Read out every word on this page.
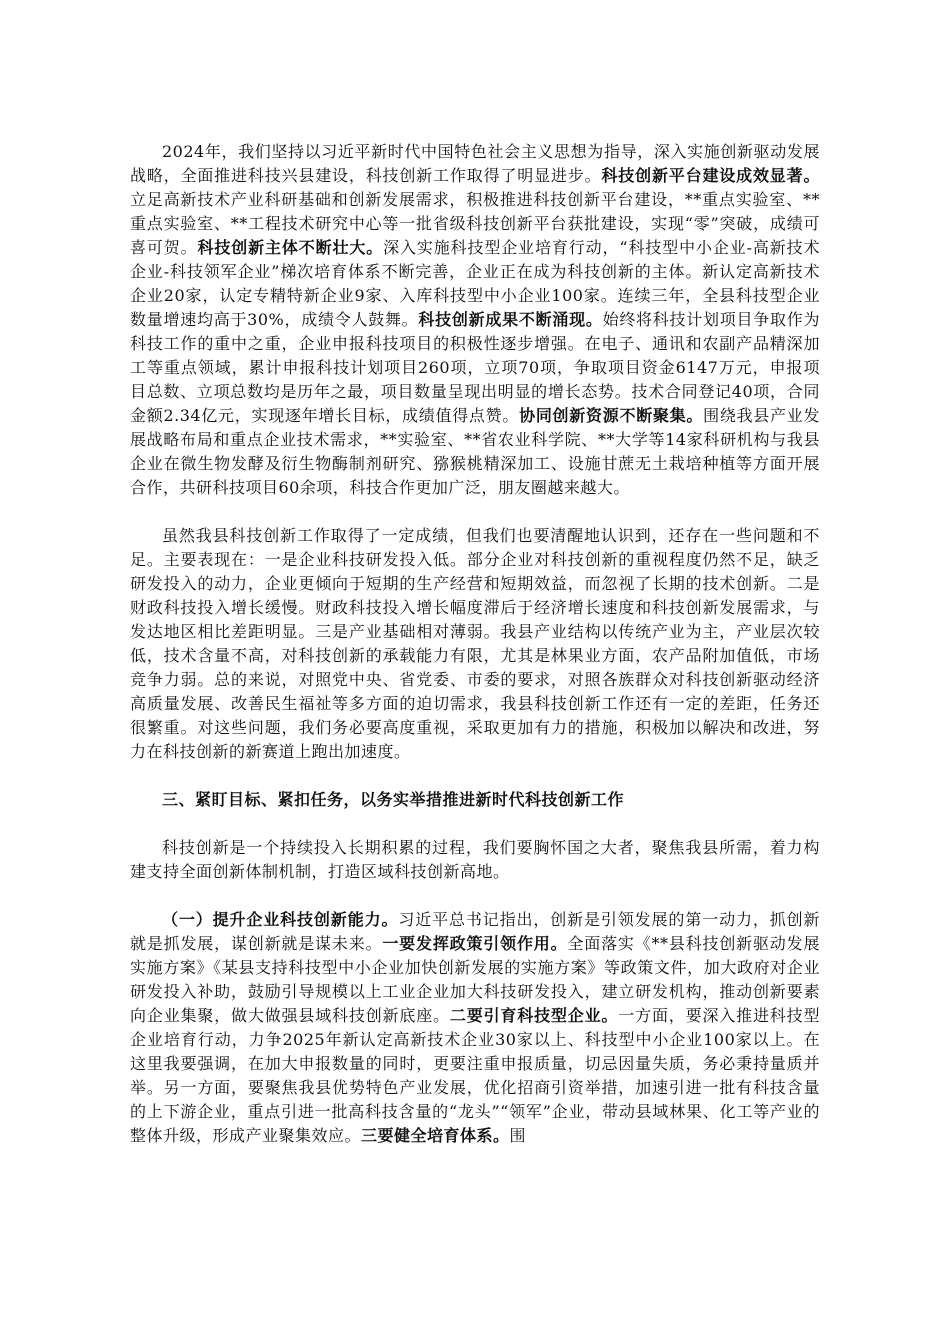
2024年，我们坚持以习近平新时代中国特色社会主义思想为指导，深入实施创新驱动发展战略，全面推进科技兴县建设，科技创新工作取得了明显进步。科技创新平台建设成效显著。立足高新技术产业科研基础和创新发展需求，积极推进科技创新平台建设，**重点实验室、**重点实验室、**工程技术研究中心等一批省级科技创新平台获批建设，实现“零”突破，成绩可喜可贺。科技创新主体不断壮大。深入实施科技型企业培育行动，“科技型中小企业-高新技术企业-科技领军企业”梯次培育体系不断完善，企业正在成为科技创新的主体。新认定高新技术企业20家，认定专精特新企业9家、入库科技型中小企业100家。连续三年，全县科技型企业数量增速均高于30%，成绩令人鼓舞。科技创新成果不断涌现。始终将科技计划项目争取作为科技工作的重中之重，企业申报科技项目的积极性逐步增强。在电子、通讯和农副产品精深加工等重点领域，累计申报科技计划项目260项，立项70项，争取项目资金6147万元，申报项目总数、立项总数均是历年之最，项目数量呈现出明显的增长态势。技术合同登记40项，合同金额2.34亿元，实现逐年增长目标，成绩值得点赞。协同创新资源不断聚集。围绕我县产业发展战略布局和重点企业技术需求，**实验室、**省农业科学院、**大学等14家科研机构与我县企业在微生物发酵及衍生物酶制剂研究、猕猴桃精深加工、设施甘蔗无土栽培种植等方面开展合作，共研科技项目60余项，科技合作更加广泛，朋友圈越来越大。

虽然我县科技创新工作取得了一定成绩，但我们也要清醒地认识到，还存在一些问题和不足。主要表现在：一是企业科技研发投入低。部分企业对科技创新的重视程度仍然不足，缺乏研发投入的动力，企业更倾向于短期的生产经营和短期效益，而忽视了长期的技术创新。二是财政科技投入增长缓慢。财政科技投入增长幅度滞后于经济增长速度和科技创新发展需求，与发达地区相比差距明显。三是产业基础相对薄弱。我县产业结构以传统产业为主，产业层次较低，技术含量不高，对科技创新的承载能力有限，尤其是林果业方面，农产品附加值低，市场竞争力弱。总的来说，对照党中央、省党委、市委的要求，对照各族群众对科技创新驱动经济高质量发展、改善民生福祉等多方面的迫切需求，我县科技创新工作还有一定的差距，任务还很繁重。对这些问题，我们务必要高度重视，采取更加有力的措施，积极加以解决和改进，努力在科技创新的新赛道上跑出加速度。

三、紧盯目标、紧扣任务，以务实举措推进新时代科技创新工作

科技创新是一个持续投入长期积累的过程，我们要胸怀国之大者，聚焦我县所需，着力构建支持全面创新体制机制，打造区域科技创新高地。

（一）提升企业科技创新能力。习近平总书记指出，创新是引领发展的第一动力，抓创新就是抓发展，谋创新就是谋未来。一要发挥政策引领作用。全面落实《**县科技创新驱动发展实施方案》《某县支持科技型中小企业加快创新发展的实施方案》等政策文件，加大政府对企业研发投入补助，鼓励引导规模以上工业企业加大科技研发投入，建立研发机构，推动创新要素向企业集聚，做大做强县域科技创新底座。二要引育科技型企业。一方面，要深入推进科技型企业培育行动，力争2025年新认定高新技术企业30家以上、科技型中小企业100家以上。在这里我要强调，在加大申报数量的同时，更要注重申报质量，切忌因量失质，务必秉持量质并举。另一方面，要聚焦我县优势特色产业发展，优化招商引资举措，加速引进一批有科技含量的上下游企业，重点引进一批高科技含量的“龙头”“领军”企业，带动县域林果、化工等产业的整体升级，形成产业聚集效应。三要健全培育体系。围
